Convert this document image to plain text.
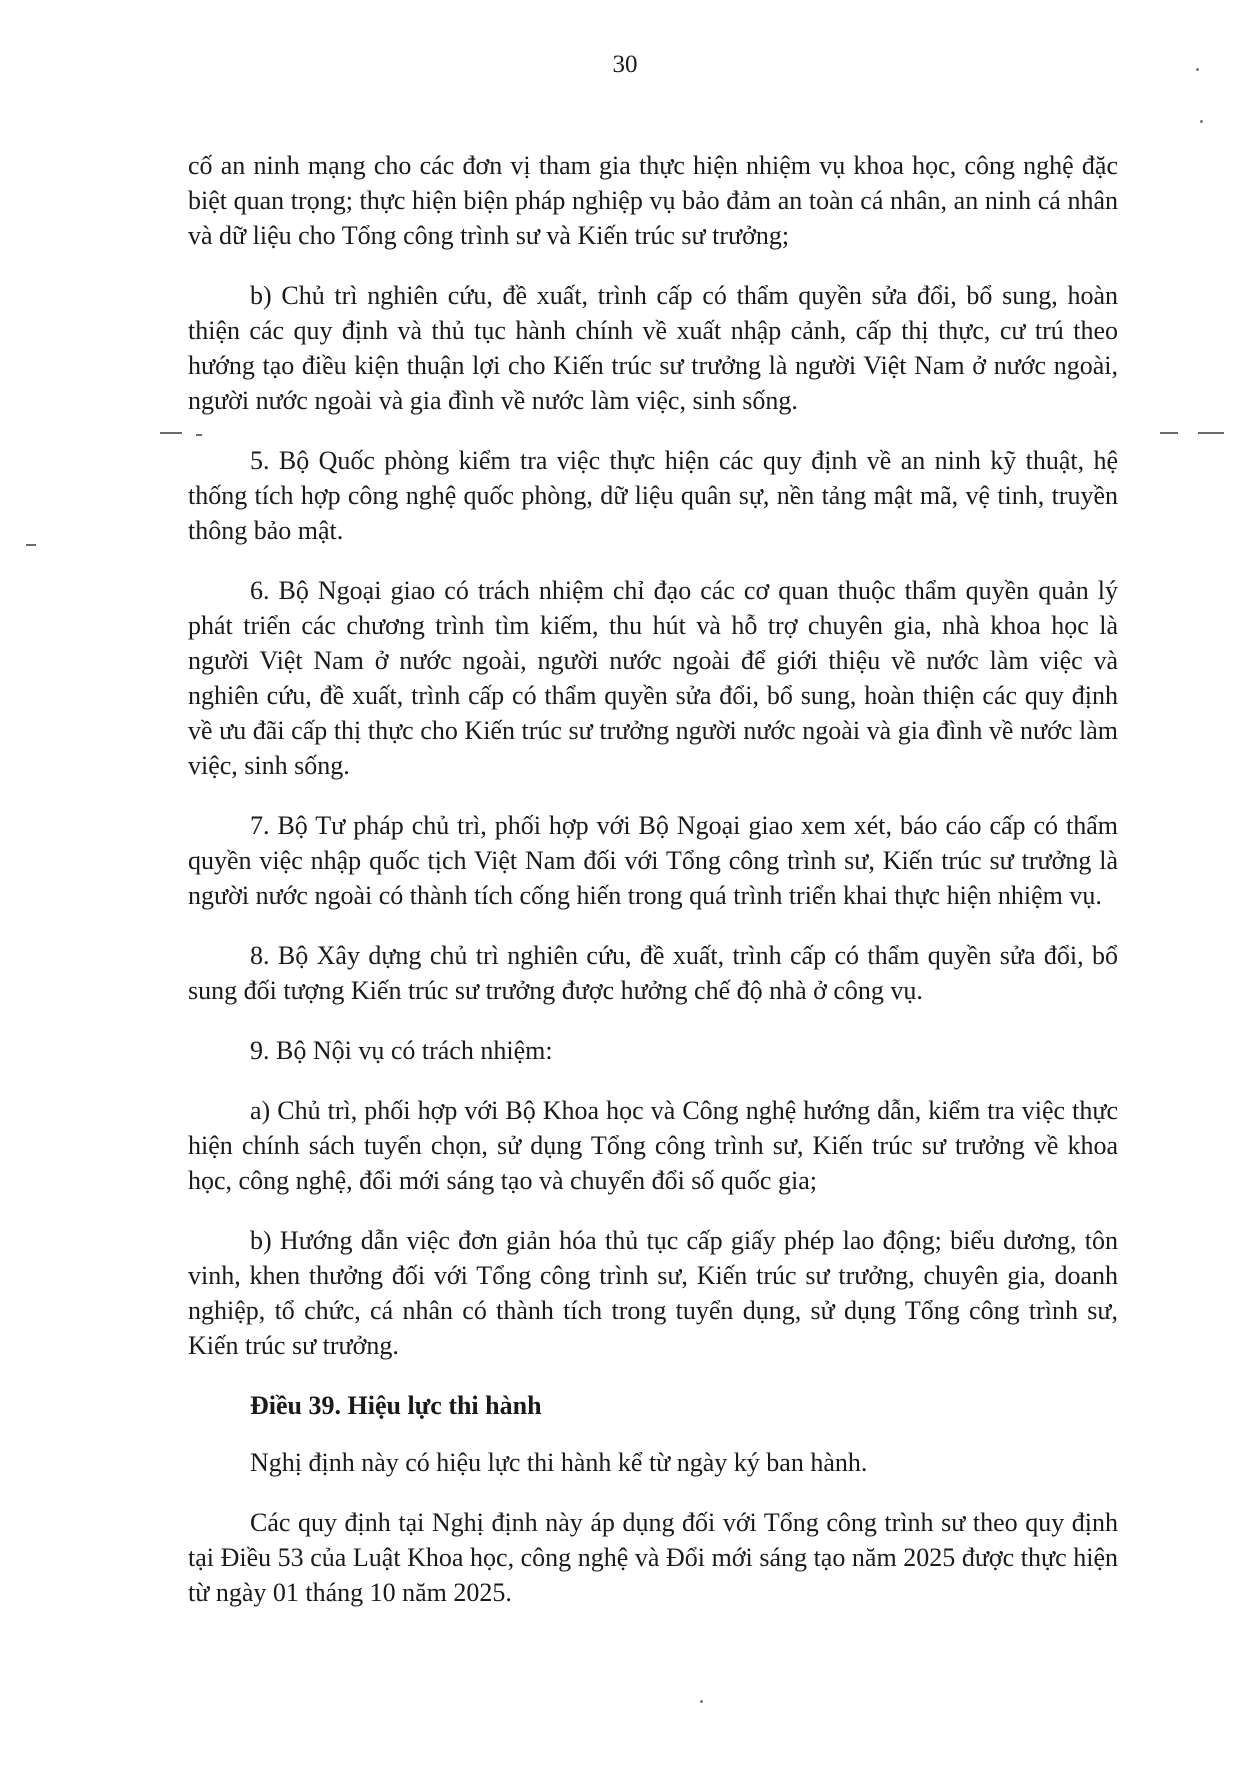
30

cố an ninh mạng cho các đơn vị tham gia thực hiện nhiệm vụ khoa học, công nghệ đặc biệt quan trọng; thực hiện biện pháp nghiệp vụ bảo đảm an toàn cá nhân, an ninh cá nhân và dữ liệu cho Tổng công trình sư và Kiến trúc sư trưởng;

b) Chủ trì nghiên cứu, đề xuất, trình cấp có thẩm quyền sửa đổi, bổ sung, hoàn thiện các quy định và thủ tục hành chính về xuất nhập cảnh, cấp thị thực, cư trú theo hướng tạo điều kiện thuận lợi cho Kiến trúc sư trưởng là người Việt Nam ở nước ngoài, người nước ngoài và gia đình về nước làm việc, sinh sống.

5. Bộ Quốc phòng kiểm tra việc thực hiện các quy định về an ninh kỹ thuật, hệ thống tích hợp công nghệ quốc phòng, dữ liệu quân sự, nền tảng mật mã, vệ tinh, truyền thông bảo mật.

6. Bộ Ngoại giao có trách nhiệm chỉ đạo các cơ quan thuộc thẩm quyền quản lý phát triển các chương trình tìm kiếm, thu hút và hỗ trợ chuyên gia, nhà khoa học là người Việt Nam ở nước ngoài, người nước ngoài để giới thiệu về nước làm việc và nghiên cứu, đề xuất, trình cấp có thẩm quyền sửa đổi, bổ sung, hoàn thiện các quy định về ưu đãi cấp thị thực cho Kiến trúc sư trưởng người nước ngoài và gia đình về nước làm việc, sinh sống.

7. Bộ Tư pháp chủ trì, phối hợp với Bộ Ngoại giao xem xét, báo cáo cấp có thẩm quyền việc nhập quốc tịch Việt Nam đối với Tổng công trình sư, Kiến trúc sư trưởng là người nước ngoài có thành tích cống hiến trong quá trình triển khai thực hiện nhiệm vụ.

8. Bộ Xây dựng chủ trì nghiên cứu, đề xuất, trình cấp có thẩm quyền sửa đổi, bổ sung đối tượng Kiến trúc sư trưởng được hưởng chế độ nhà ở công vụ.

9. Bộ Nội vụ có trách nhiệm:

a) Chủ trì, phối hợp với Bộ Khoa học và Công nghệ hướng dẫn, kiểm tra việc thực hiện chính sách tuyển chọn, sử dụng Tổng công trình sư, Kiến trúc sư trưởng về khoa học, công nghệ, đổi mới sáng tạo và chuyển đổi số quốc gia;

b) Hướng dẫn việc đơn giản hóa thủ tục cấp giấy phép lao động; biểu dương, tôn vinh, khen thưởng đối với Tổng công trình sư, Kiến trúc sư trưởng, chuyên gia, doanh nghiệp, tổ chức, cá nhân có thành tích trong tuyển dụng, sử dụng Tổng công trình sư, Kiến trúc sư trưởng.

Điều 39. Hiệu lực thi hành

Nghị định này có hiệu lực thi hành kể từ ngày ký ban hành.

Các quy định tại Nghị định này áp dụng đối với Tổng công trình sư theo quy định tại Điều 53 của Luật Khoa học, công nghệ và Đổi mới sáng tạo năm 2025 được thực hiện từ ngày 01 tháng 10 năm 2025.
